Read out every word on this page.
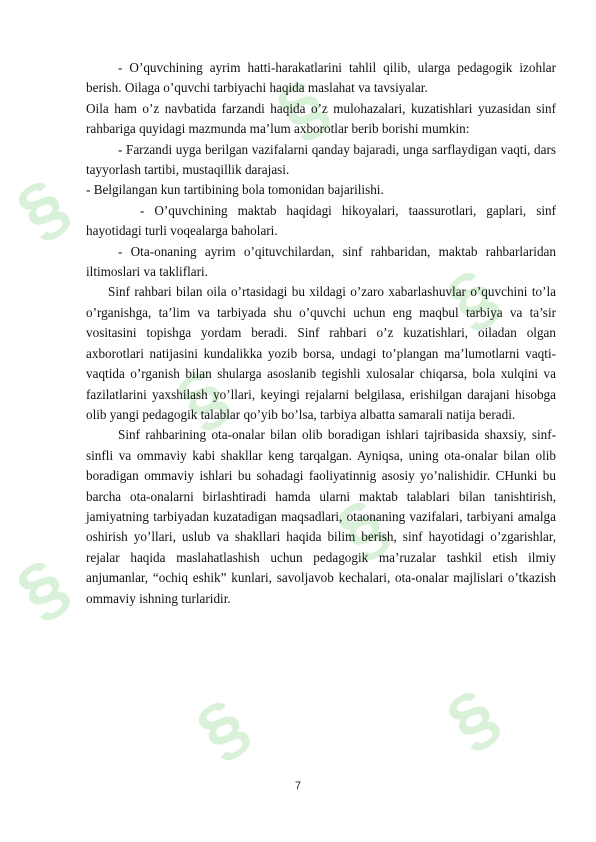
§
§
§
§
§
§
§
§

- O’quvchining ayrim hatti-harakatlarini tahlil qilib, ularga pedagogik izohlar berish. Oilaga o’quvchi tarbiyachi haqida maslahat va tavsiyalar.

Oila ham o’z navbatida farzandi haqida o’z mulohazalari, kuzatishlari yuzasidan sinf rahbariga quyidagi mazmunda ma’lum axborotlar berib borishi mumkin:

- Farzandi uyga berilgan vazifalarni qanday bajaradi, unga sarflaydigan vaqti, dars tayyorlash tartibi, mustaqillik darajasi.

- Belgilangan kun tartibining bola tomonidan bajarilishi.

- O’quvchining maktab haqidagi hikoyalari, taassurotlari, gaplari, sinf hayotidagi turli voqealarga baholari.

- Ota-onaning ayrim o’qituvchilardan, sinf rahbaridan, maktab rahbarlaridan iltimoslari va takliflari.

Sinf rahbari bilan oila o’rtasidagi bu xildagi o’zaro xabarlashuvlar o’quvchini to’la o’rganishga, ta’lim va tarbiyada shu o’quvchi uchun eng maqbul tarbiya va ta’sir vositasini topishga yordam beradi. Sinf rahbari o’z kuzatishlari, oiladan olgan axborotlari natijasini kundalikka yozib borsa, undagi to’plangan ma’lumotlarni vaqti-vaqtida o’rganish bilan shularga asoslanib tegishli xulosalar chiqarsa, bola xulqini va fazilatlarini yaxshilash yo’llari, keyingi rejalarni belgilasa, erishilgan darajani hisobga olib yangi pedagogik talablar qo’yib bo’lsa, tarbiya albatta samarali natija beradi.

Sinf rahbarining ota-onalar bilan olib boradigan ishlari tajribasida shaxsiy, sinf-sinfli va ommaviy kabi shakllar keng tarqalgan. Ayniqsa, uning ota-onalar bilan olib boradigan ommaviy ishlari bu sohadagi faoliyatinnig asosiy yo’nalishidir. CHunki bu barcha ota-onalarni birlashtiradi hamda ularni maktab talablari bilan tanishtirish, jamiyatning tarbiyadan kuzatadigan maqsadlari, otaonaning vazifalari, tarbiyani amalga oshirish yo’llari, uslub va shakllari haqida bilim berish, sinf hayotidagi o’zgarishlar, rejalar haqida maslahatlashish uchun pedagogik ma’ruzalar tashkil etish ilmiy anjumanlar, “ochiq eshik” kunlari, savoljavob kechalari, ota-onalar majlislari o’tkazish ommaviy ishning turlaridir.

7
